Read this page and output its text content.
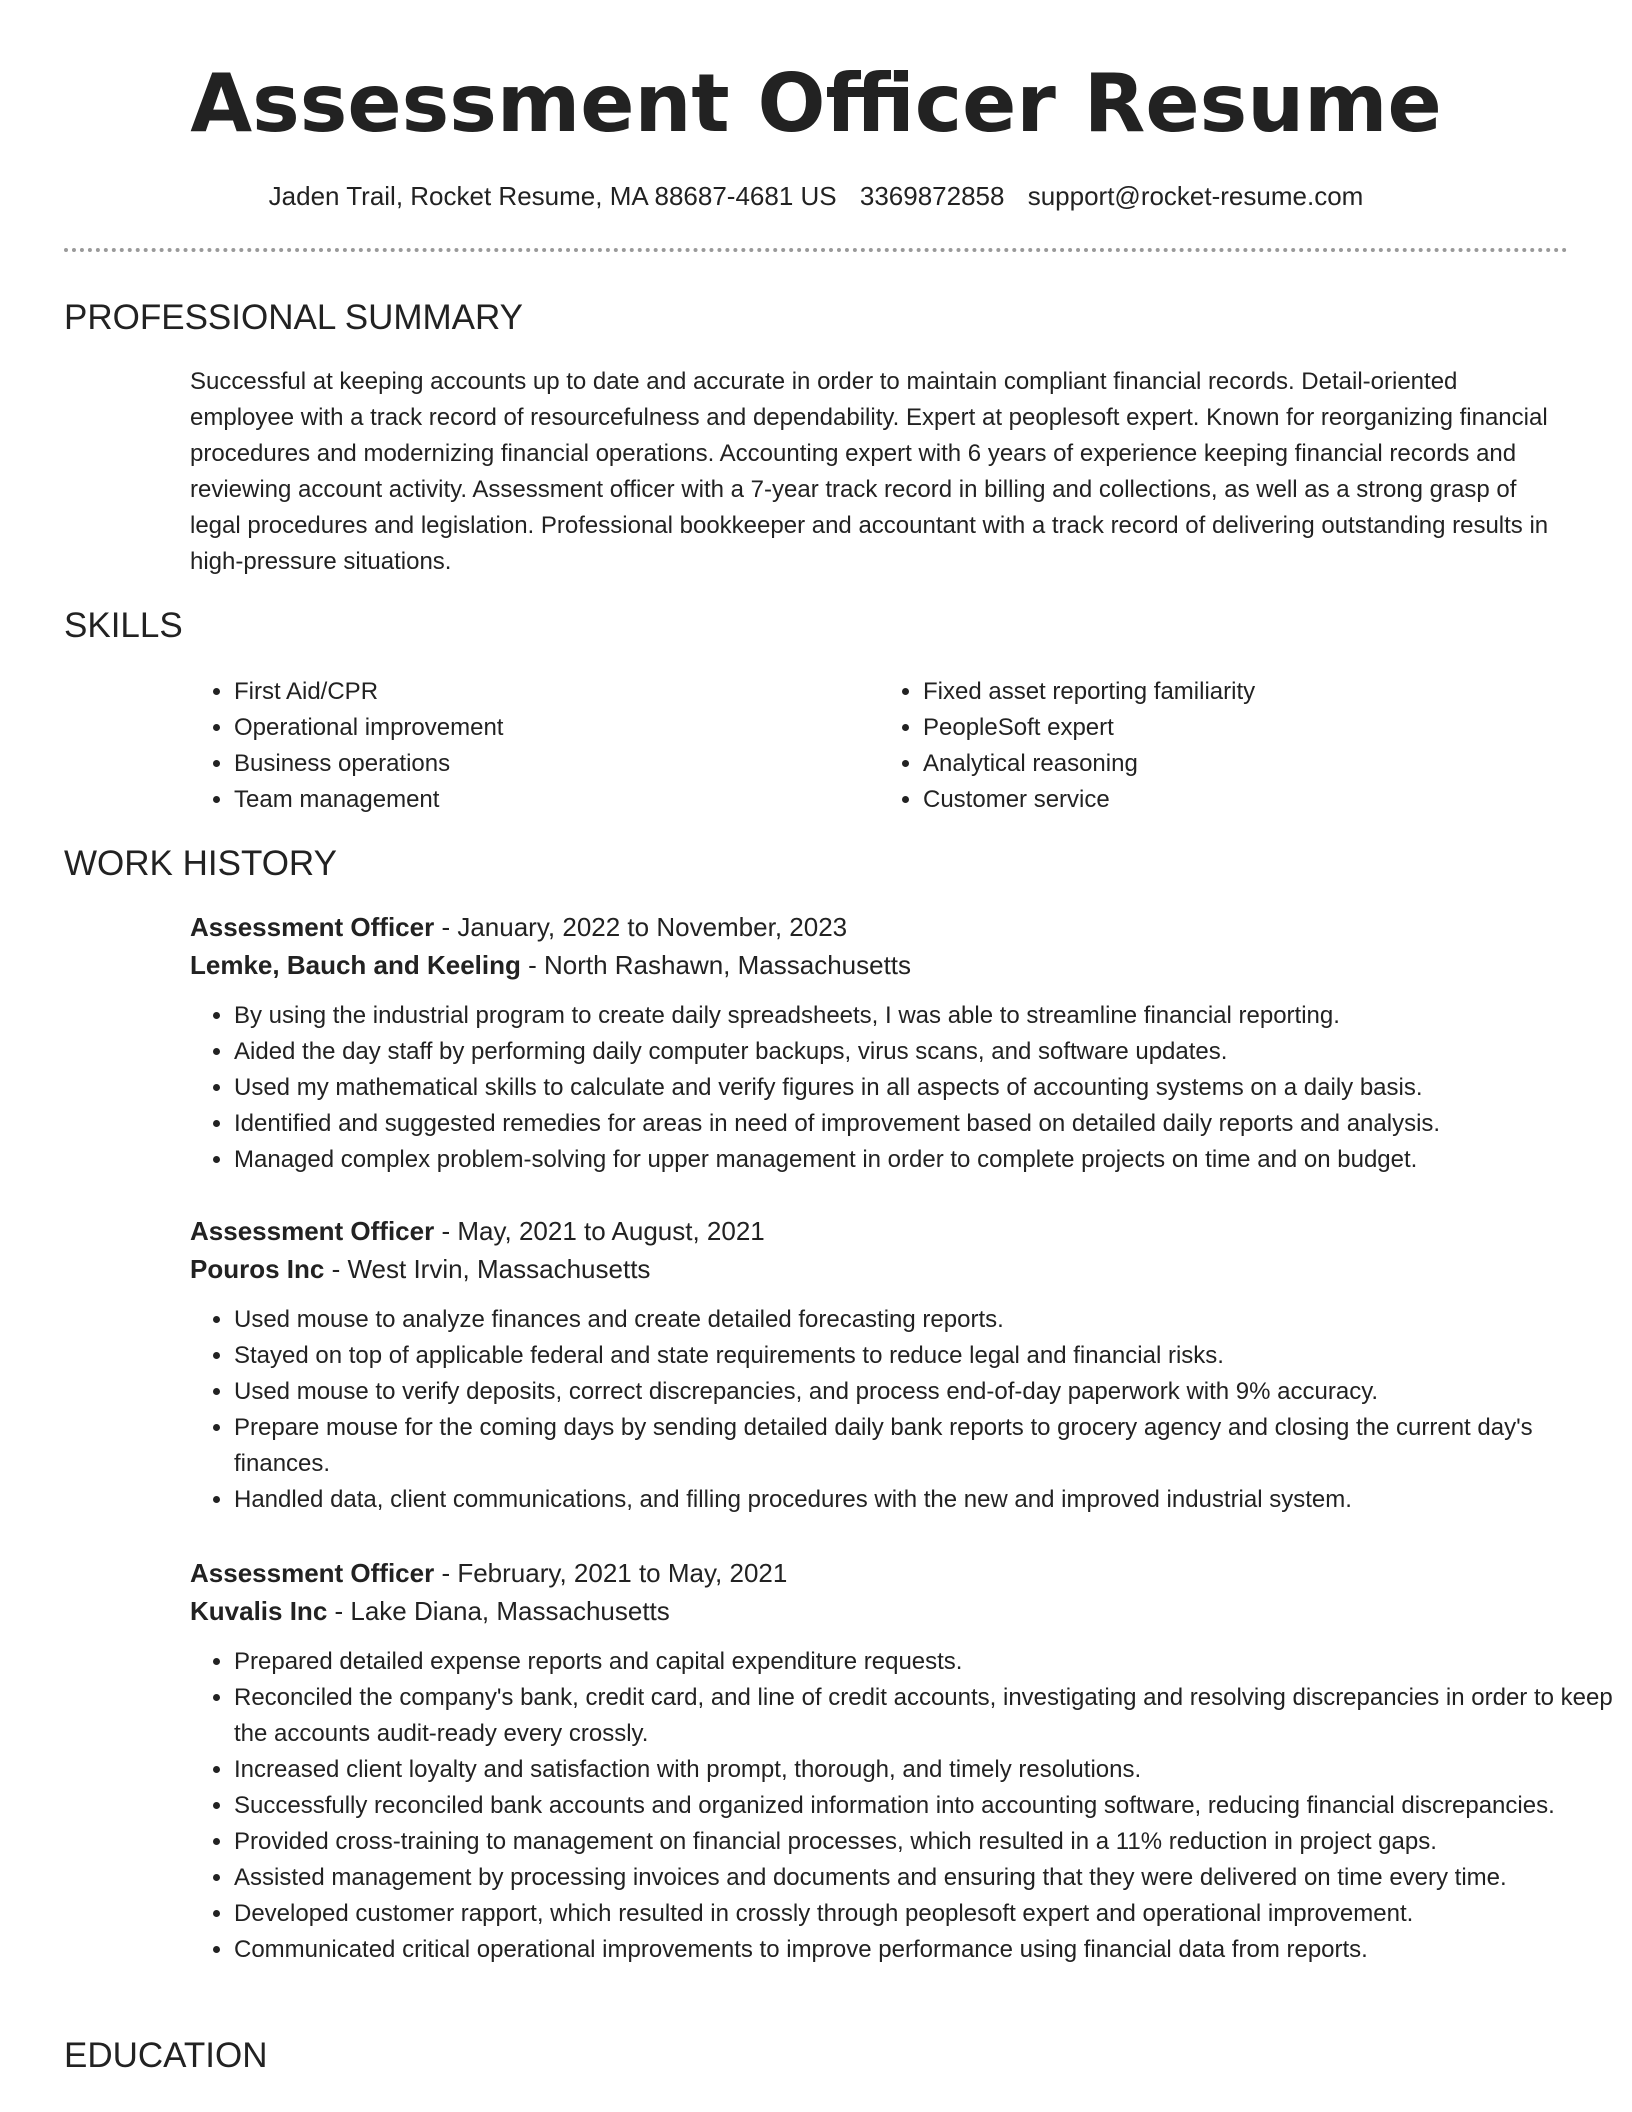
Assessment Officer Resume
Jaden Trail, Rocket Resume, MA 88687-4681 US 3369872858 support@rocket-resume.com
PROFESSIONAL SUMMARY
Successful at keeping accounts up to date and accurate in order to maintain compliant financial records. Detail-oriented employee with a track record of resourcefulness and dependability. Expert at peoplesoft expert. Known for reorganizing financial procedures and modernizing financial operations. Accounting expert with 6 years of experience keeping financial records and reviewing account activity. Assessment officer with a 7-year track record in billing and collections, as well as a strong grasp of legal procedures and legislation. Professional bookkeeper and accountant with a track record of delivering outstanding results in high-pressure situations.
SKILLS
• First Aid/CPR
• Operational improvement
• Business operations
• Team management
• Fixed asset reporting familiarity
• PeopleSoft expert
• Analytical reasoning
• Customer service
WORK HISTORY

Assessment Officer - January, 2022 to November, 2023

Lemke, Bauch and Keeling - North Rashawn, Massachusetts

• By using the industrial program to create daily spreadsheets, I was able to streamline financial reporting.
• Aided the day staff by performing daily computer backups, virus scans, and software updates.
• Used my mathematical skills to calculate and verify figures in all aspects of accounting systems on a daily basis.
• Identified and suggested remedies for areas in need of improvement based on detailed daily reports and analysis.
• Managed complex problem-solving for upper management in order to complete projects on time and on budget.

Assessment Officer - May, 2021 to August, 2021

Pouros Inc - West Irvin, Massachusetts

• Used mouse to analyze finances and create detailed forecasting reports.
• Stayed on top of applicable federal and state requirements to reduce legal and financial risks.
• Used mouse to verify deposits, correct discrepancies, and process end-of-day paperwork with 9% accuracy.
• Prepare mouse for the coming days by sending detailed daily bank reports to grocery agency and closing the current day's finances.
• Handled data, client communications, and filling procedures with the new and improved industrial system.

Assessment Officer - February, 2021 to May, 2021

Kuvalis Inc - Lake Diana, Massachusetts

• Prepared detailed expense reports and capital expenditure requests.
• Reconciled the company's bank, credit card, and line of credit accounts, investigating and resolving discrepancies in order to keep the accounts audit-ready every crossly.
• Increased client loyalty and satisfaction with prompt, thorough, and timely resolutions.
• Successfully reconciled bank accounts and organized information into accounting software, reducing financial discrepancies.
• Provided cross-training to management on financial processes, which resulted in a 11% reduction in project gaps.
• Assisted management by processing invoices and documents and ensuring that they were delivered on time every time.
• Developed customer rapport, which resulted in crossly through peoplesoft expert and operational improvement.
• Communicated critical operational improvements to improve performance using financial data from reports.
EDUCATION
